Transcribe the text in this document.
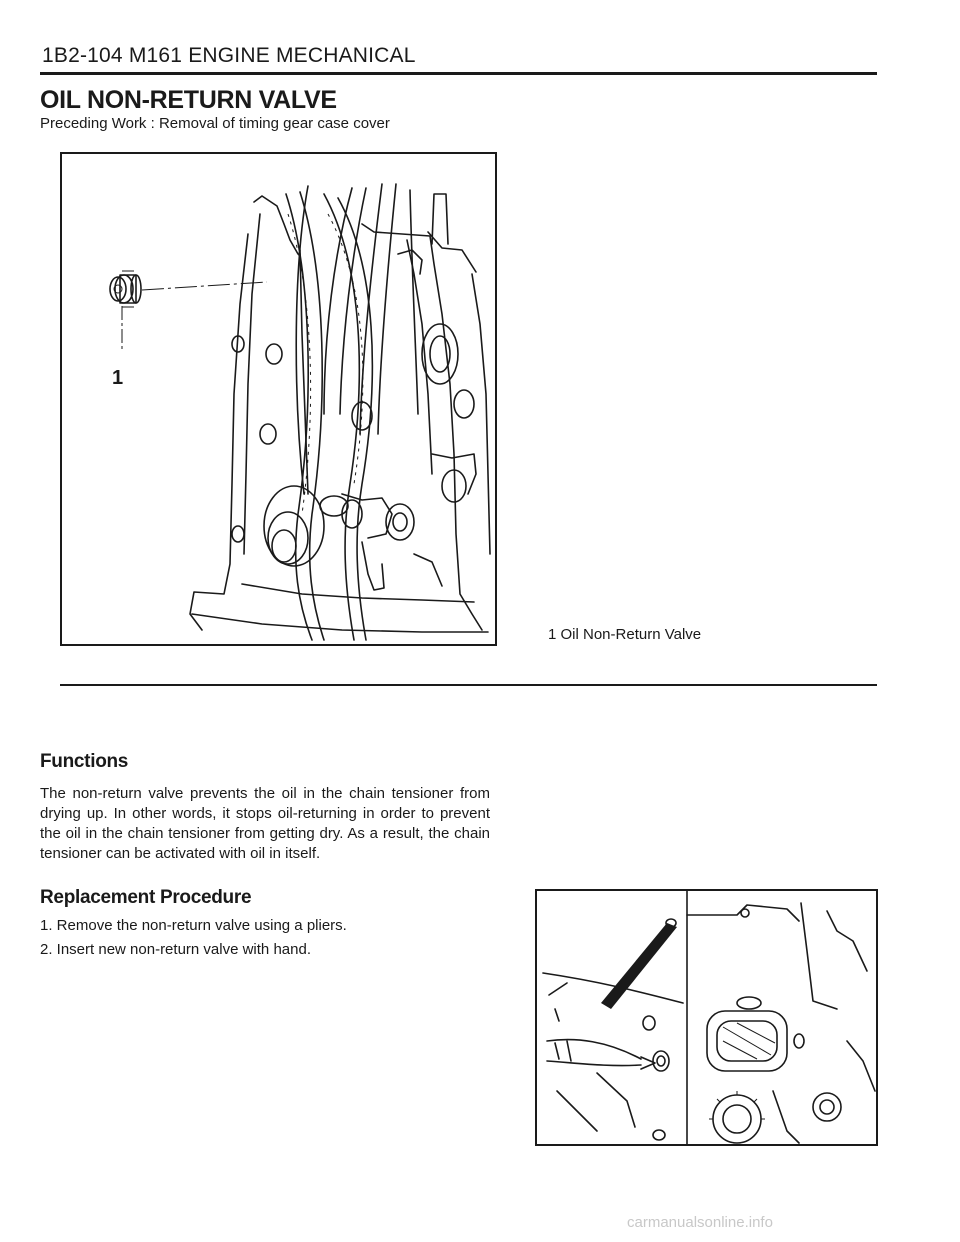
1B2-104 M161 ENGINE MECHANICAL
OIL NON-RETURN VALVE
Preceding Work : Removal of timing gear case cover
1
1 Oil Non-Return Valve
Functions
The non-return valve prevents the oil in the chain tensioner from drying up. In other words, it stops oil-returning in order to prevent the oil in the chain tensioner from getting dry. As a result, the chain tensioner can be activated with oil in itself.
Replacement Procedure
1. Remove the non-return valve using a pliers.
2. Insert new non-return valve with hand.
carmanualsonline.info
